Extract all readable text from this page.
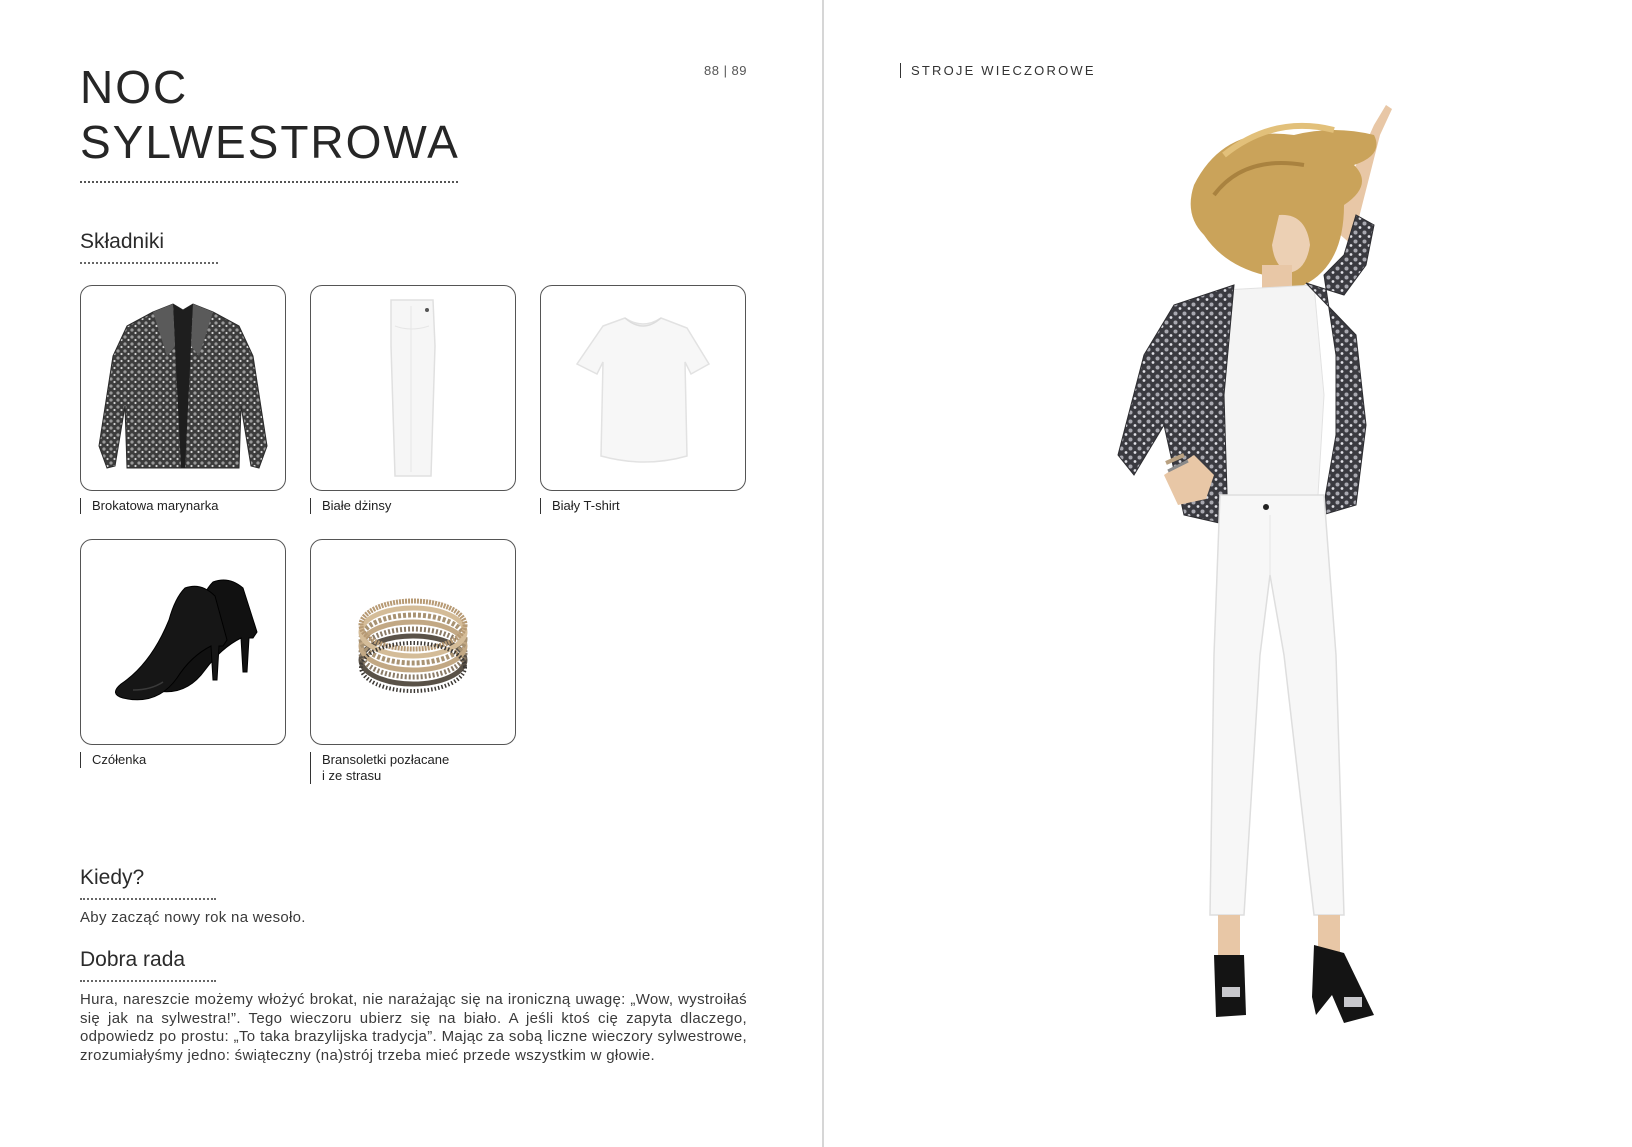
NOC
SYLWESTROWA
88 | 89
Składniki
Brokatowa marynarka	Białe dżinsy	Biały T-shirt
Czółenka	Bransoletki pozłacane
i ze strasu
Kiedy?

Aby zacząć nowy rok na wesoło.

Dobra rada

Hura, nareszcie możemy włożyć brokat, nie narażając się na ironiczną uwagę: „Wow, wystroiłaś się jak na sylwestra!”. Tego wieczoru ubierz się na biało. A jeśli ktoś cię zapyta dlaczego, odpowiedz po prostu: „To taka brazylijska tradycja”. Mając za sobą liczne wieczory sylwestrowe, zrozumiałyśmy jedno: świąteczny (na)strój trzeba mieć przede wszystkim w głowie.

STROJE WIECZOROWE
